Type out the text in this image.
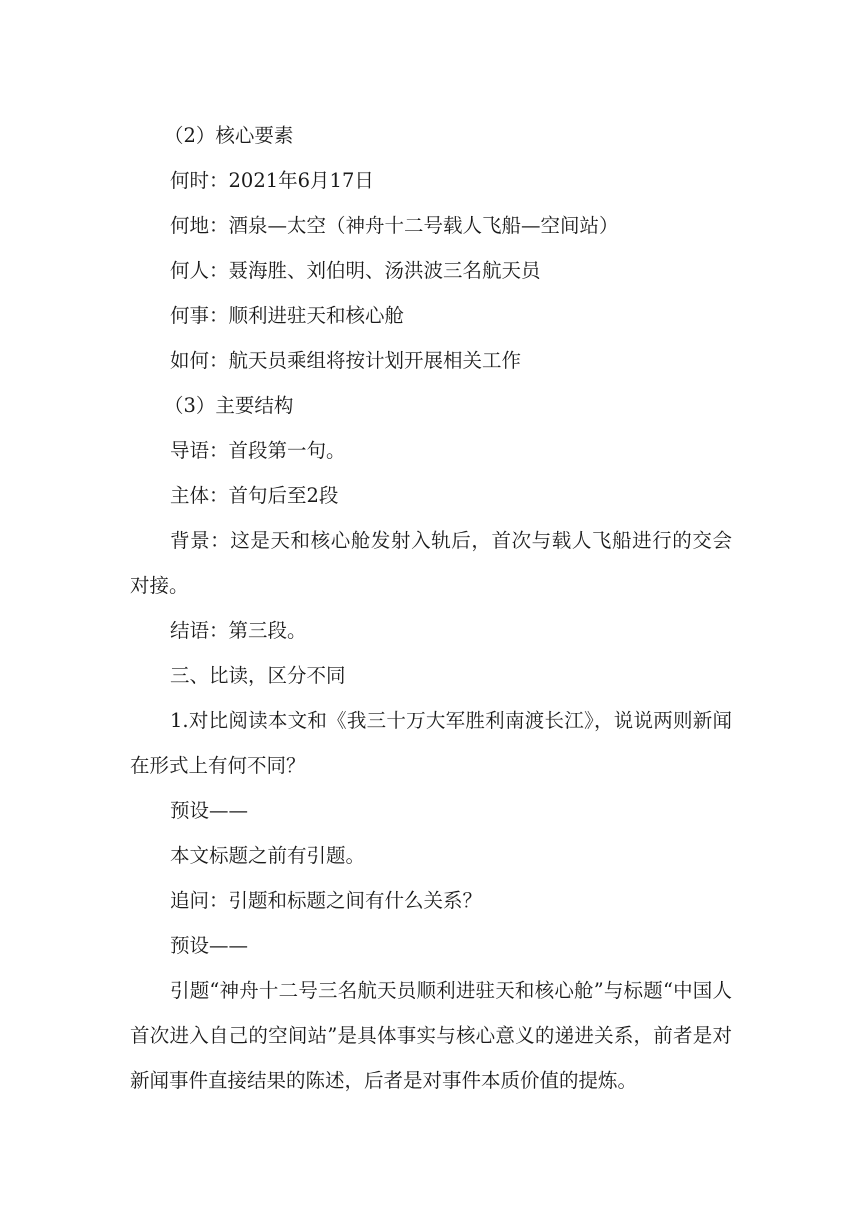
（2）核心要素

何时：2021年6月17日

何地：酒泉—太空（神舟十二号载人飞船—空间站）

何人：聂海胜、刘伯明、汤洪波三名航天员

何事：顺利进驻天和核心舱

如何：航天员乘组将按计划开展相关工作

（3）主要结构

导语：首段第一句。

主体：首句后至2段

背景：这是天和核心舱发射入轨后，首次与载人飞船进行的交会对接。

结语：第三段。

三、比读，区分不同

1.对比阅读本文和《我三十万大军胜利南渡长江》，说说两则新闻在形式上有何不同？

预设——

本文标题之前有引题。

追问：引题和标题之间有什么关系？

预设——

引题“神舟十二号三名航天员顺利进驻天和核心舱”与标题“中国人首次进入自己的空间站”是具体事实与核心意义的递进关系，前者是对新闻事件直接结果的陈述，后者是对事件本质价值的提炼。
